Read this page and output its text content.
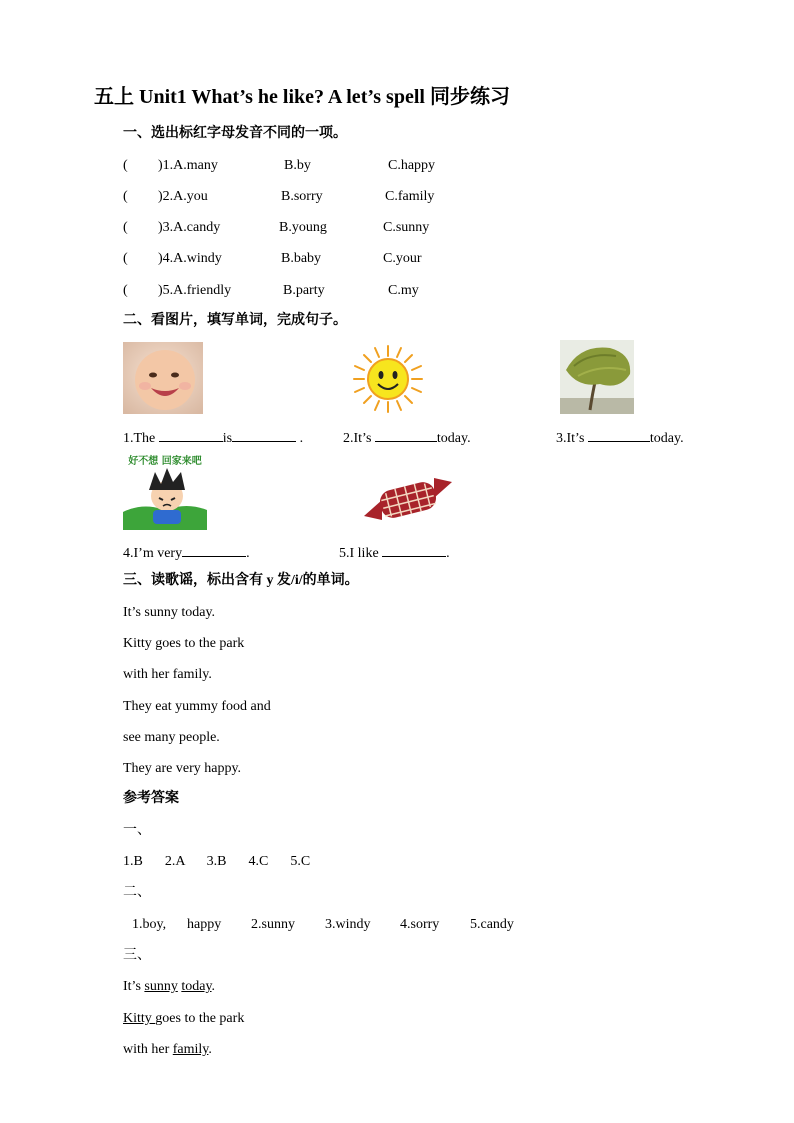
五上 Unit1 What’s he like? A let’s spell 同步练习
一、选出标红字母发音不同的一项。
( )1.A.many	B.by	C.happy
( )2.A.you	B.sorry	C.family
( )3.A.candy	B.young	C.sunny
( )4.A.windy	B.baby	C.your
( )5.A.friendly	B.party	C.my
二、看图片，填写单词，完成句子。
1.The	is	.	2.It’s	today.	3.It’s	today.
好不想 回家来吧
4.I’m very	.	5.I like	.
三、读歌谣，标出含有 y 发/i/的单词。
It’s sunny today.
Kitty goes to the park
with her family.
They eat yummy food and
see many people.
They are very happy.
参考答案
一、
1.B    2.A    3.B    4.C    5.C
二、
1.boy, happy 2.sunny 3.windy 4.sorry 5.candy
三、
It’s sunny today.
Kitty goes to the park
with her family.
